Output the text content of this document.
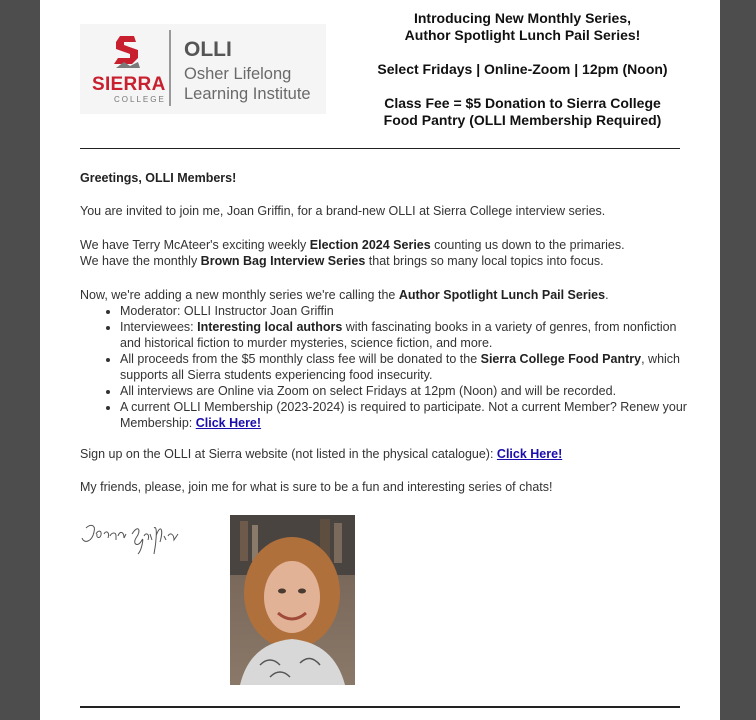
SIERRA
COLLEGE
OLLI
Osher Lifelong
Learning Institute

Introducing New Monthly Series,

Author Spotlight Lunch Pail Series!

Select Fridays | Online-Zoom | 12pm (Noon)

Class Fee = $5 Donation to Sierra College

Food Pantry (OLLI Membership Required)

Greetings, OLLI Members!

You are invited to join me, Joan Griffin, for a brand-new OLLI at Sierra College interview series.

We have Terry McAteer's exciting weekly Election 2024 Series counting us down to the primaries.

We have the monthly Brown Bag Interview Series that brings so many local topics into focus.

Now, we're adding a new monthly series we're calling the Author Spotlight Lunch Pail Series.

• Moderator: OLLI Instructor Joan Griffin
• Interviewees: Interesting local authors with fascinating books in a variety of genres, from nonfiction and historical fiction to murder mysteries, science fiction, and more.
• All proceeds from the $5 monthly class fee will be donated to the Sierra College Food Pantry, which supports all Sierra students experiencing food insecurity.
• All interviews are Online via Zoom on select Fridays at 12pm (Noon) and will be recorded.
• A current OLLI Membership (2023-2024) is required to participate. Not a current Member? Renew your Membership: Click Here!

Sign up on the OLLI at Sierra website (not listed in the physical catalogue): Click Here!

My friends, please, join me for what is sure to be a fun and interesting series of chats!
